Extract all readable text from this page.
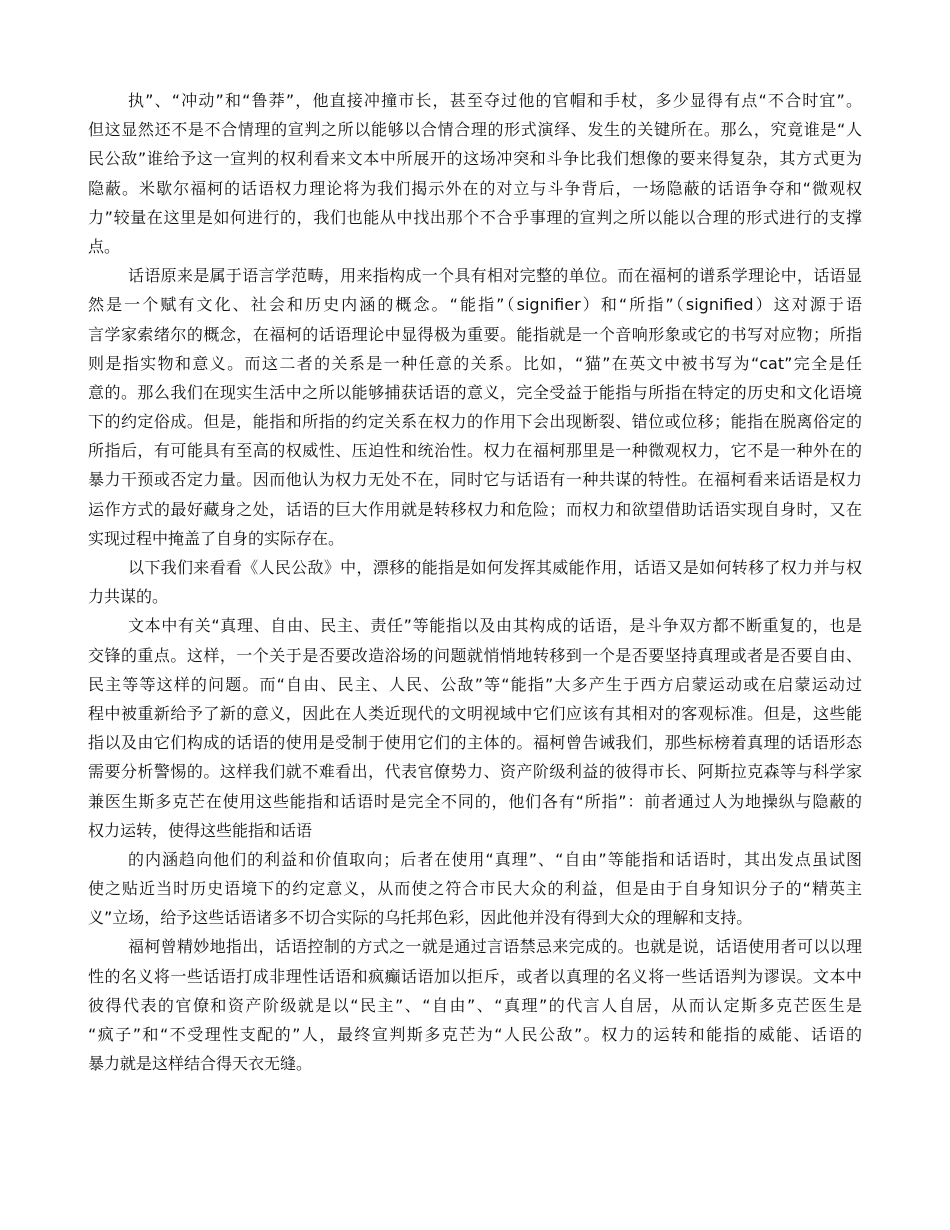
执”、“冲动”和“鲁莽”，他直接冲撞市长，甚至夺过他的官帽和手杖，多少显得有点“不合时宜”。
但这显然还不是不合情理的宣判之所以能够以合情合理的形式演绎、发生的关键所在。那么，究竟谁是“人
民公敌”谁给予这一宣判的权利看来文本中所展开的这场冲突和斗争比我们想像的要来得复杂，其方式更为
隐蔽。米歇尔福柯的话语权力理论将为我们揭示外在的对立与斗争背后，一场隐蔽的话语争夺和“微观权
力”较量在这里是如何进行的，我们也能从中找出那个不合乎事理的宣判之所以能以合理的形式进行的支撑
点。
话语原来是属于语言学范畴，用来指构成一个具有相对完整的单位。而在福柯的谱系学理论中，话语显
然是一个赋有文化、社会和历史内涵的概念。“能指”（signifier）和“所指”（signified）这对源于语
言学家索绪尔的概念，在福柯的话语理论中显得极为重要。能指就是一个音响形象或它的书写对应物；所指
则是指实物和意义。而这二者的关系是一种任意的关系。比如，“猫”在英文中被书写为“cat”完全是任
意的。那么我们在现实生活中之所以能够捕获话语的意义，完全受益于能指与所指在特定的历史和文化语境
下的约定俗成。但是，能指和所指的约定关系在权力的作用下会出现断裂、错位或位移；能指在脱离俗定的
所指后，有可能具有至高的权威性、压迫性和统治性。权力在福柯那里是一种微观权力，它不是一种外在的
暴力干预或否定力量。因而他认为权力无处不在，同时它与话语有一种共谋的特性。在福柯看来话语是权力
运作方式的最好藏身之处，话语的巨大作用就是转移权力和危险；而权力和欲望借助话语实现自身时，又在
实现过程中掩盖了自身的实际存在。
以下我们来看看《人民公敌》中，漂移的能指是如何发挥其威能作用，话语又是如何转移了权力并与权
力共谋的。
文本中有关“真理、自由、民主、责任”等能指以及由其构成的话语，是斗争双方都不断重复的，也是
交锋的重点。这样，一个关于是否要改造浴场的问题就悄悄地转移到一个是否要坚持真理或者是否要自由、
民主等等这样的问题。而“自由、民主、人民、公敌”等“能指”大多产生于西方启蒙运动或在启蒙运动过
程中被重新给予了新的意义，因此在人类近现代的文明视域中它们应该有其相对的客观标准。但是，这些能
指以及由它们构成的话语的使用是受制于使用它们的主体的。福柯曾告诫我们，那些标榜着真理的话语形态
需要分析警惕的。这样我们就不难看出，代表官僚势力、资产阶级利益的彼得市长、阿斯拉克森等与科学家
兼医生斯多克芒在使用这些能指和话语时是完全不同的，他们各有“所指”：前者通过人为地操纵与隐蔽的
权力运转，使得这些能指和话语
的内涵趋向他们的利益和价值取向；后者在使用“真理”、“自由”等能指和话语时，其出发点虽试图
使之贴近当时历史语境下的约定意义，从而使之符合市民大众的利益，但是由于自身知识分子的“精英主
义”立场，给予这些话语诸多不切合实际的乌托邦色彩，因此他并没有得到大众的理解和支持。
福柯曾精妙地指出，话语控制的方式之一就是通过言语禁忌来完成的。也就是说，话语使用者可以以理
性的名义将一些话语打成非理性话语和疯癫话语加以拒斥，或者以真理的名义将一些话语判为谬误。文本中
彼得代表的官僚和资产阶级就是以“民主”、“自由”、“真理”的代言人自居，从而认定斯多克芒医生是
“疯子”和“不受理性支配的”人，最终宣判斯多克芒为“人民公敌”。权力的运转和能指的威能、话语的
暴力就是这样结合得天衣无缝。
